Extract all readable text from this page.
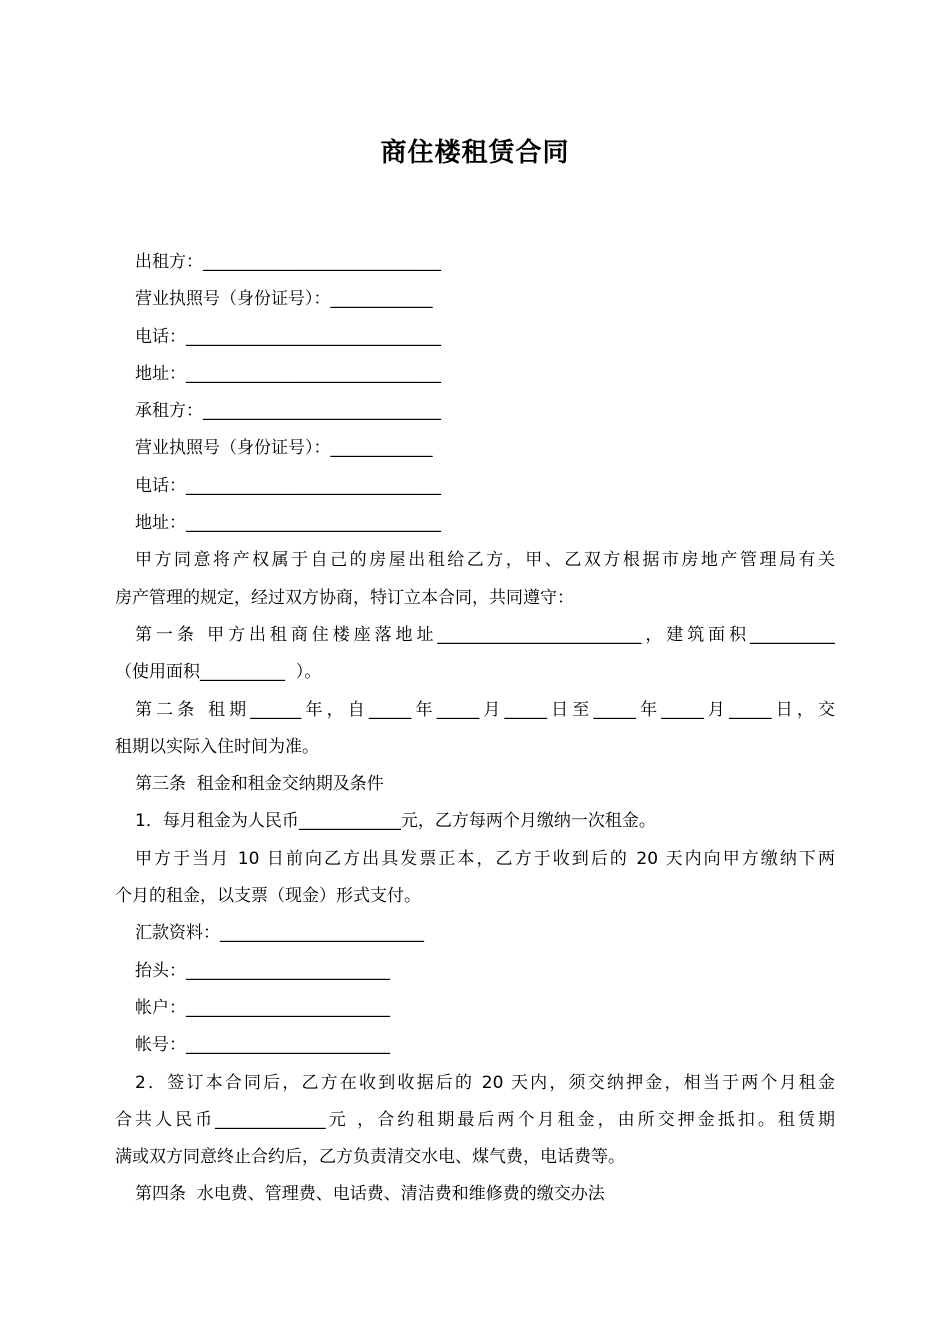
商住楼租赁合同
出租方：____________________________
营业执照号（身份证号）：____________
电话：______________________________
地址：______________________________
承租方：____________________________
营业执照号（身份证号）：____________
电话：______________________________
地址：______________________________
甲方同意将产权属于自己的房屋出租给乙方，甲、乙双方根据市房地产管理局有关
房产管理的规定，经过双方协商，特订立本合同，共同遵守：
第一条 甲方出租商住楼座落地址________________________，建筑面积__________
（使用面积__________  ）。
第二条 租期______年，自_____年_____月_____日至_____年_____月_____日，交
租期以实际入住时间为准。
第三条  租金和租金交纳期及条件
1．每月租金为人民币____________元，乙方每两个月缴纳一次租金。
甲方于当月 10 日前向乙方出具发票正本，乙方于收到后的 20 天内向甲方缴纳下两
个月的租金，以支票（现金）形式支付。
汇款资料：________________________
抬头：________________________
帐户：________________________
帐号：________________________
2．签订本合同后，乙方在收到收据后的 20 天内，须交纳押金，相当于两个月租金
合共人民币_____________元 ，合约租期最后两个月租金，由所交押金抵扣。租赁期
满或双方同意终止合约后，乙方负责清交水电、煤气费，电话费等。
第四条  水电费、管理费、电话费、清洁费和维修费的缴交办法
